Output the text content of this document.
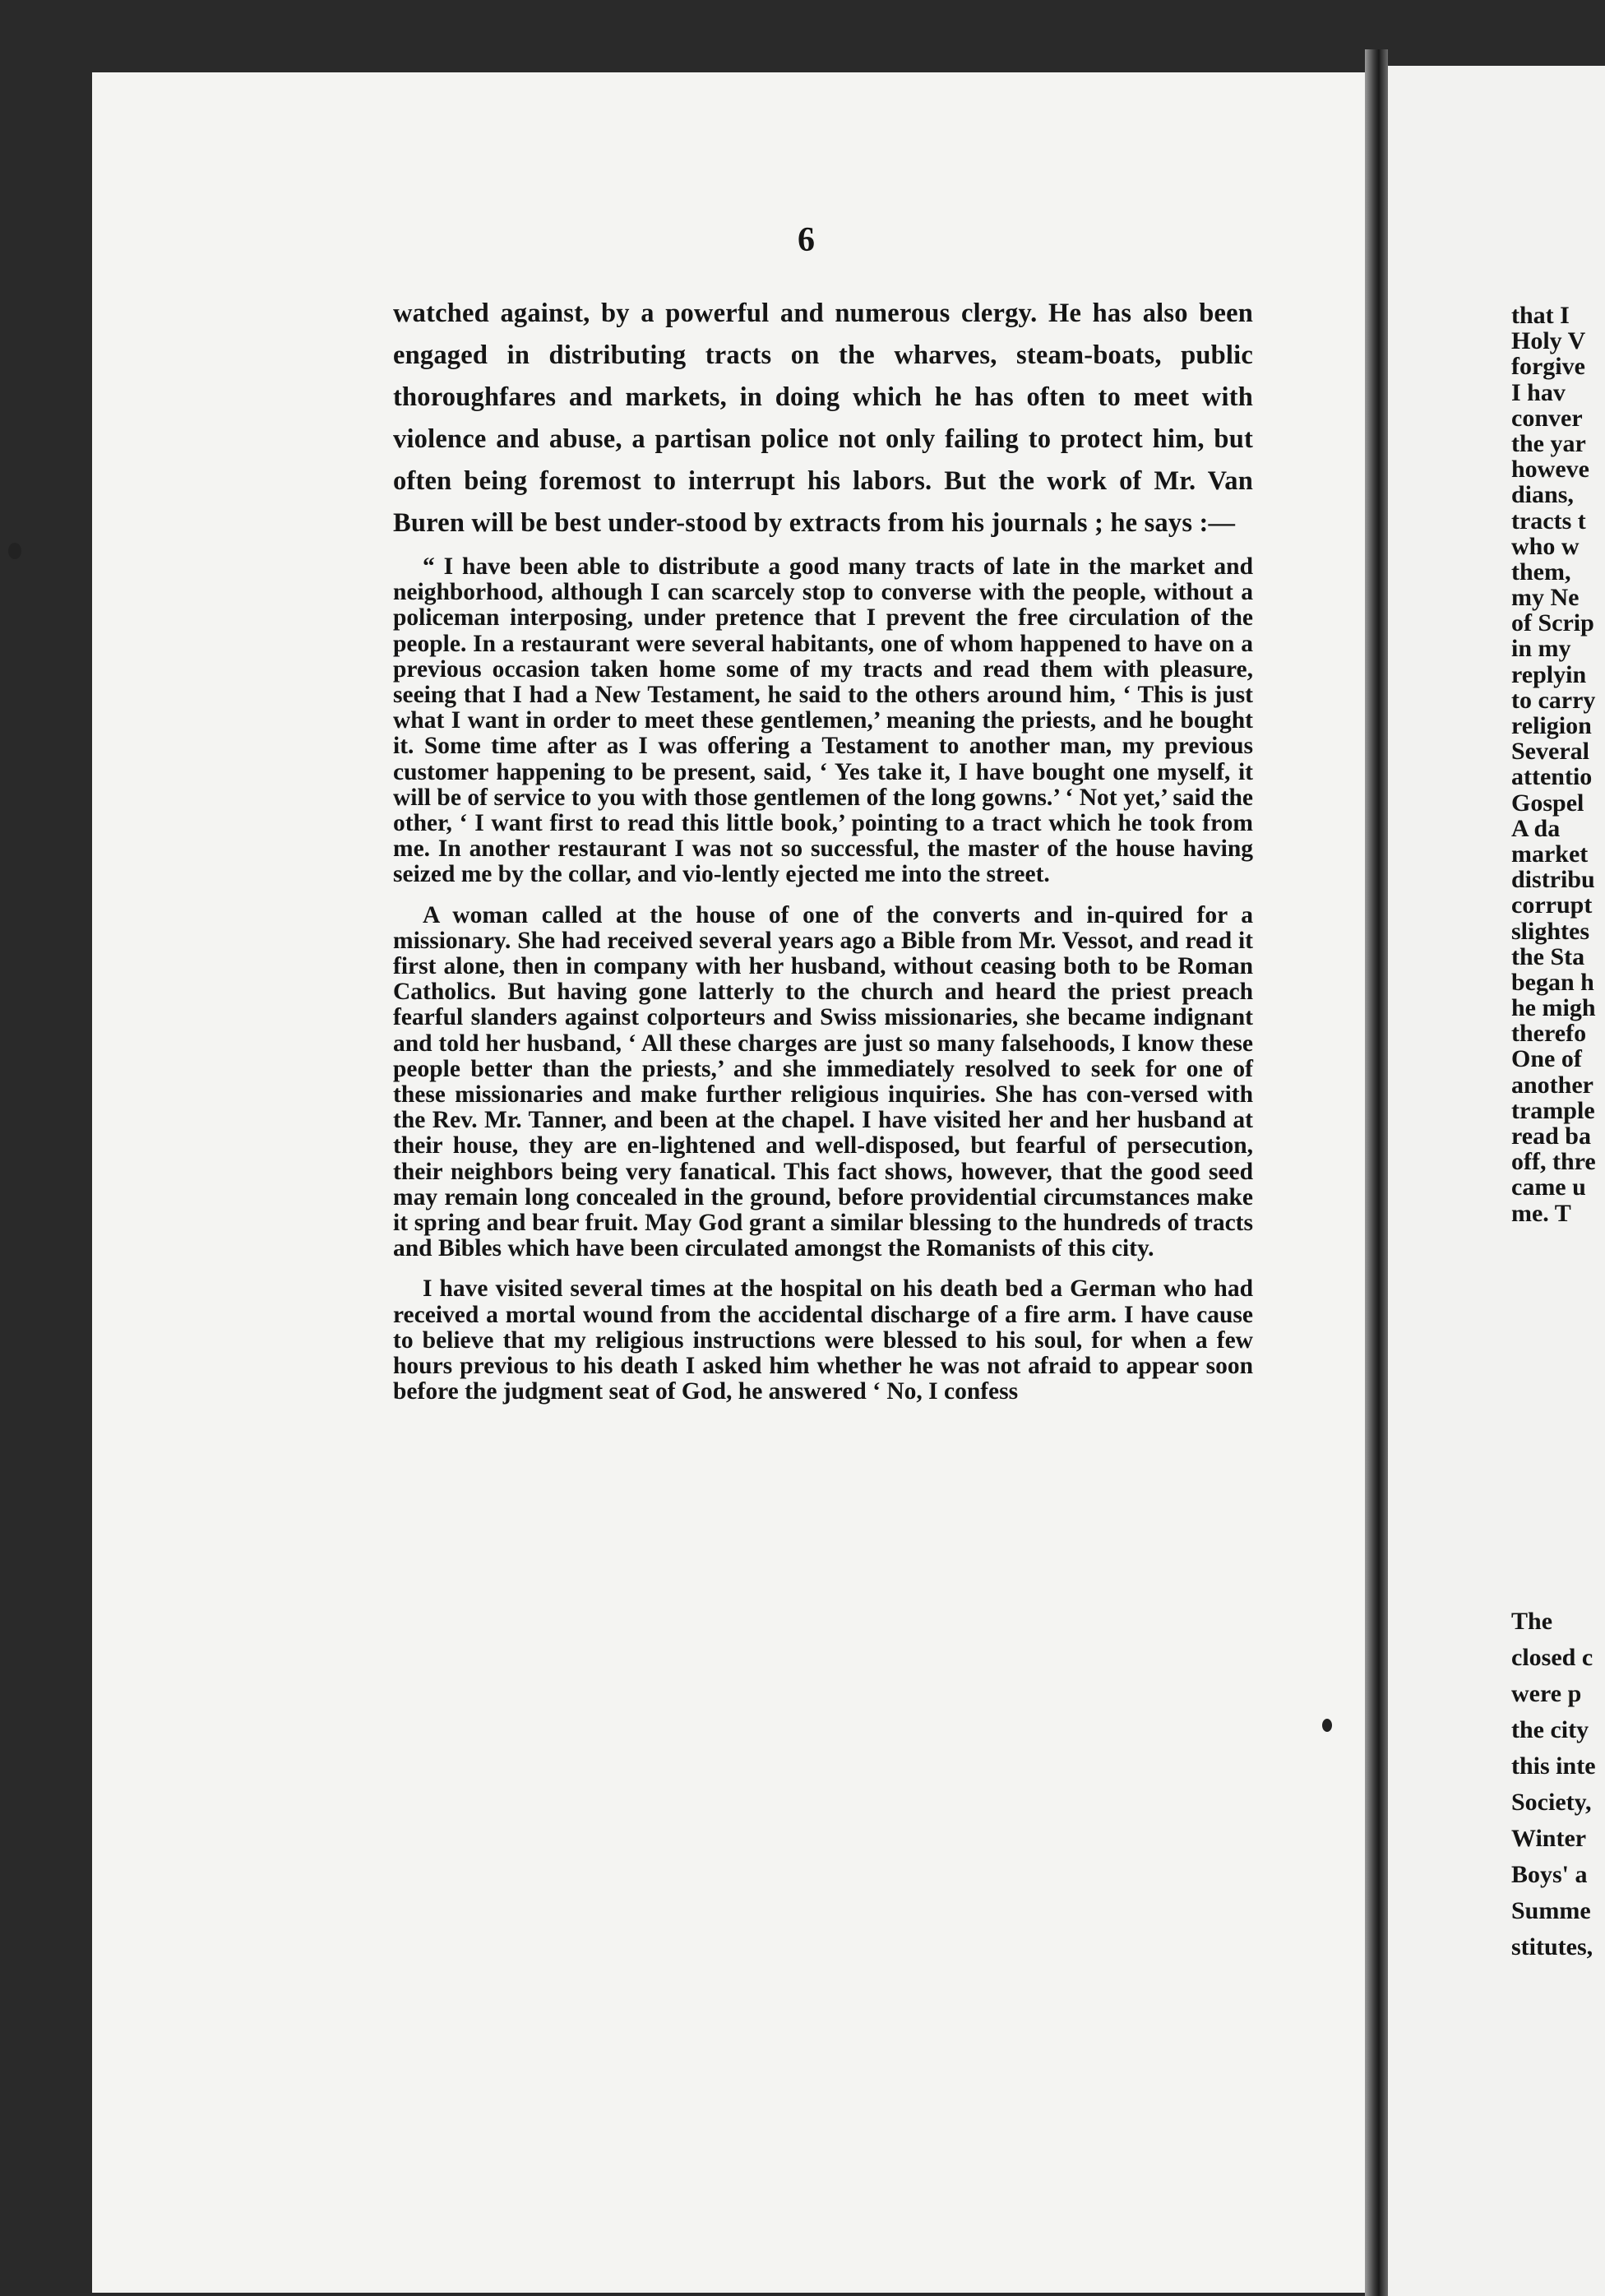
6

watched against, by a powerful and numerous clergy. He has also been engaged in distributing tracts on the wharves, steam-boats, public thoroughfares and markets, in doing which he has often to meet with violence and abuse, a partisan police not only failing to protect him, but often being foremost to interrupt his labors. But the work of Mr. Van Buren will be best under-stood by extracts from his journals ; he says :—

“ I have been able to distribute a good many tracts of late in the market and neighborhood, although I can scarcely stop to converse with the people, without a policeman interposing, under pretence that I prevent the free circulation of the people. In a restaurant were several habitants, one of whom happened to have on a previous occasion taken home some of my tracts and read them with pleasure, seeing that I had a New Testament, he said to the others around him, ‘ This is just what I want in order to meet these gentlemen,’ meaning the priests, and he bought it. Some time after as I was offering a Testament to another man, my previous customer happening to be present, said, ‘ Yes take it, I have bought one myself, it will be of service to you with those gentlemen of the long gowns.’ ‘ Not yet,’ said the other, ‘ I want first to read this little book,’ pointing to a tract which he took from me. In another restaurant I was not so successful, the master of the house having seized me by the collar, and vio-lently ejected me into the street.

A woman called at the house of one of the converts and in-quired for a missionary. She had received several years ago a Bible from Mr. Vessot, and read it first alone, then in company with her husband, without ceasing both to be Roman Catholics. But having gone latterly to the church and heard the priest preach fearful slanders against colporteurs and Swiss missionaries, she became indignant and told her husband, ‘ All these charges are just so many falsehoods, I know these people better than the priests,’ and she immediately resolved to seek for one of these missionaries and make further religious inquiries. She has con-versed with the Rev. Mr. Tanner, and been at the chapel. I have visited her and her husband at their house, they are en-lightened and well-disposed, but fearful of persecution, their neighbors being very fanatical. This fact shows, however, that the good seed may remain long concealed in the ground, before providential circumstances make it spring and bear fruit. May God grant a similar blessing to the hundreds of tracts and Bibles which have been circulated amongst the Romanists of this city.

I have visited several times at the hospital on his death bed a German who had received a mortal wound from the accidental discharge of a fire arm. I have cause to believe that my religious instructions were blessed to his soul, for when a few hours previous to his death I asked him whether he was not afraid to appear soon before the judgment seat of God, he answered ‘ No, I confess

that I
Holy V
forgive
I hav
conver
the yar
howeve
dians,
tracts t
who w
them,
my Ne
of Scrip
in my
replyin
to carry
religion
Several
attentio
Gospel
A da
market
distribu
corrupt
slightes
the Sta
began h
he migh
therefo
One of
another
trample
read ba
off, thre
came u
me. T
The
closed c
were p
the city
this inte
Society,
Winter
Boys' a
Summe
stitutes,
